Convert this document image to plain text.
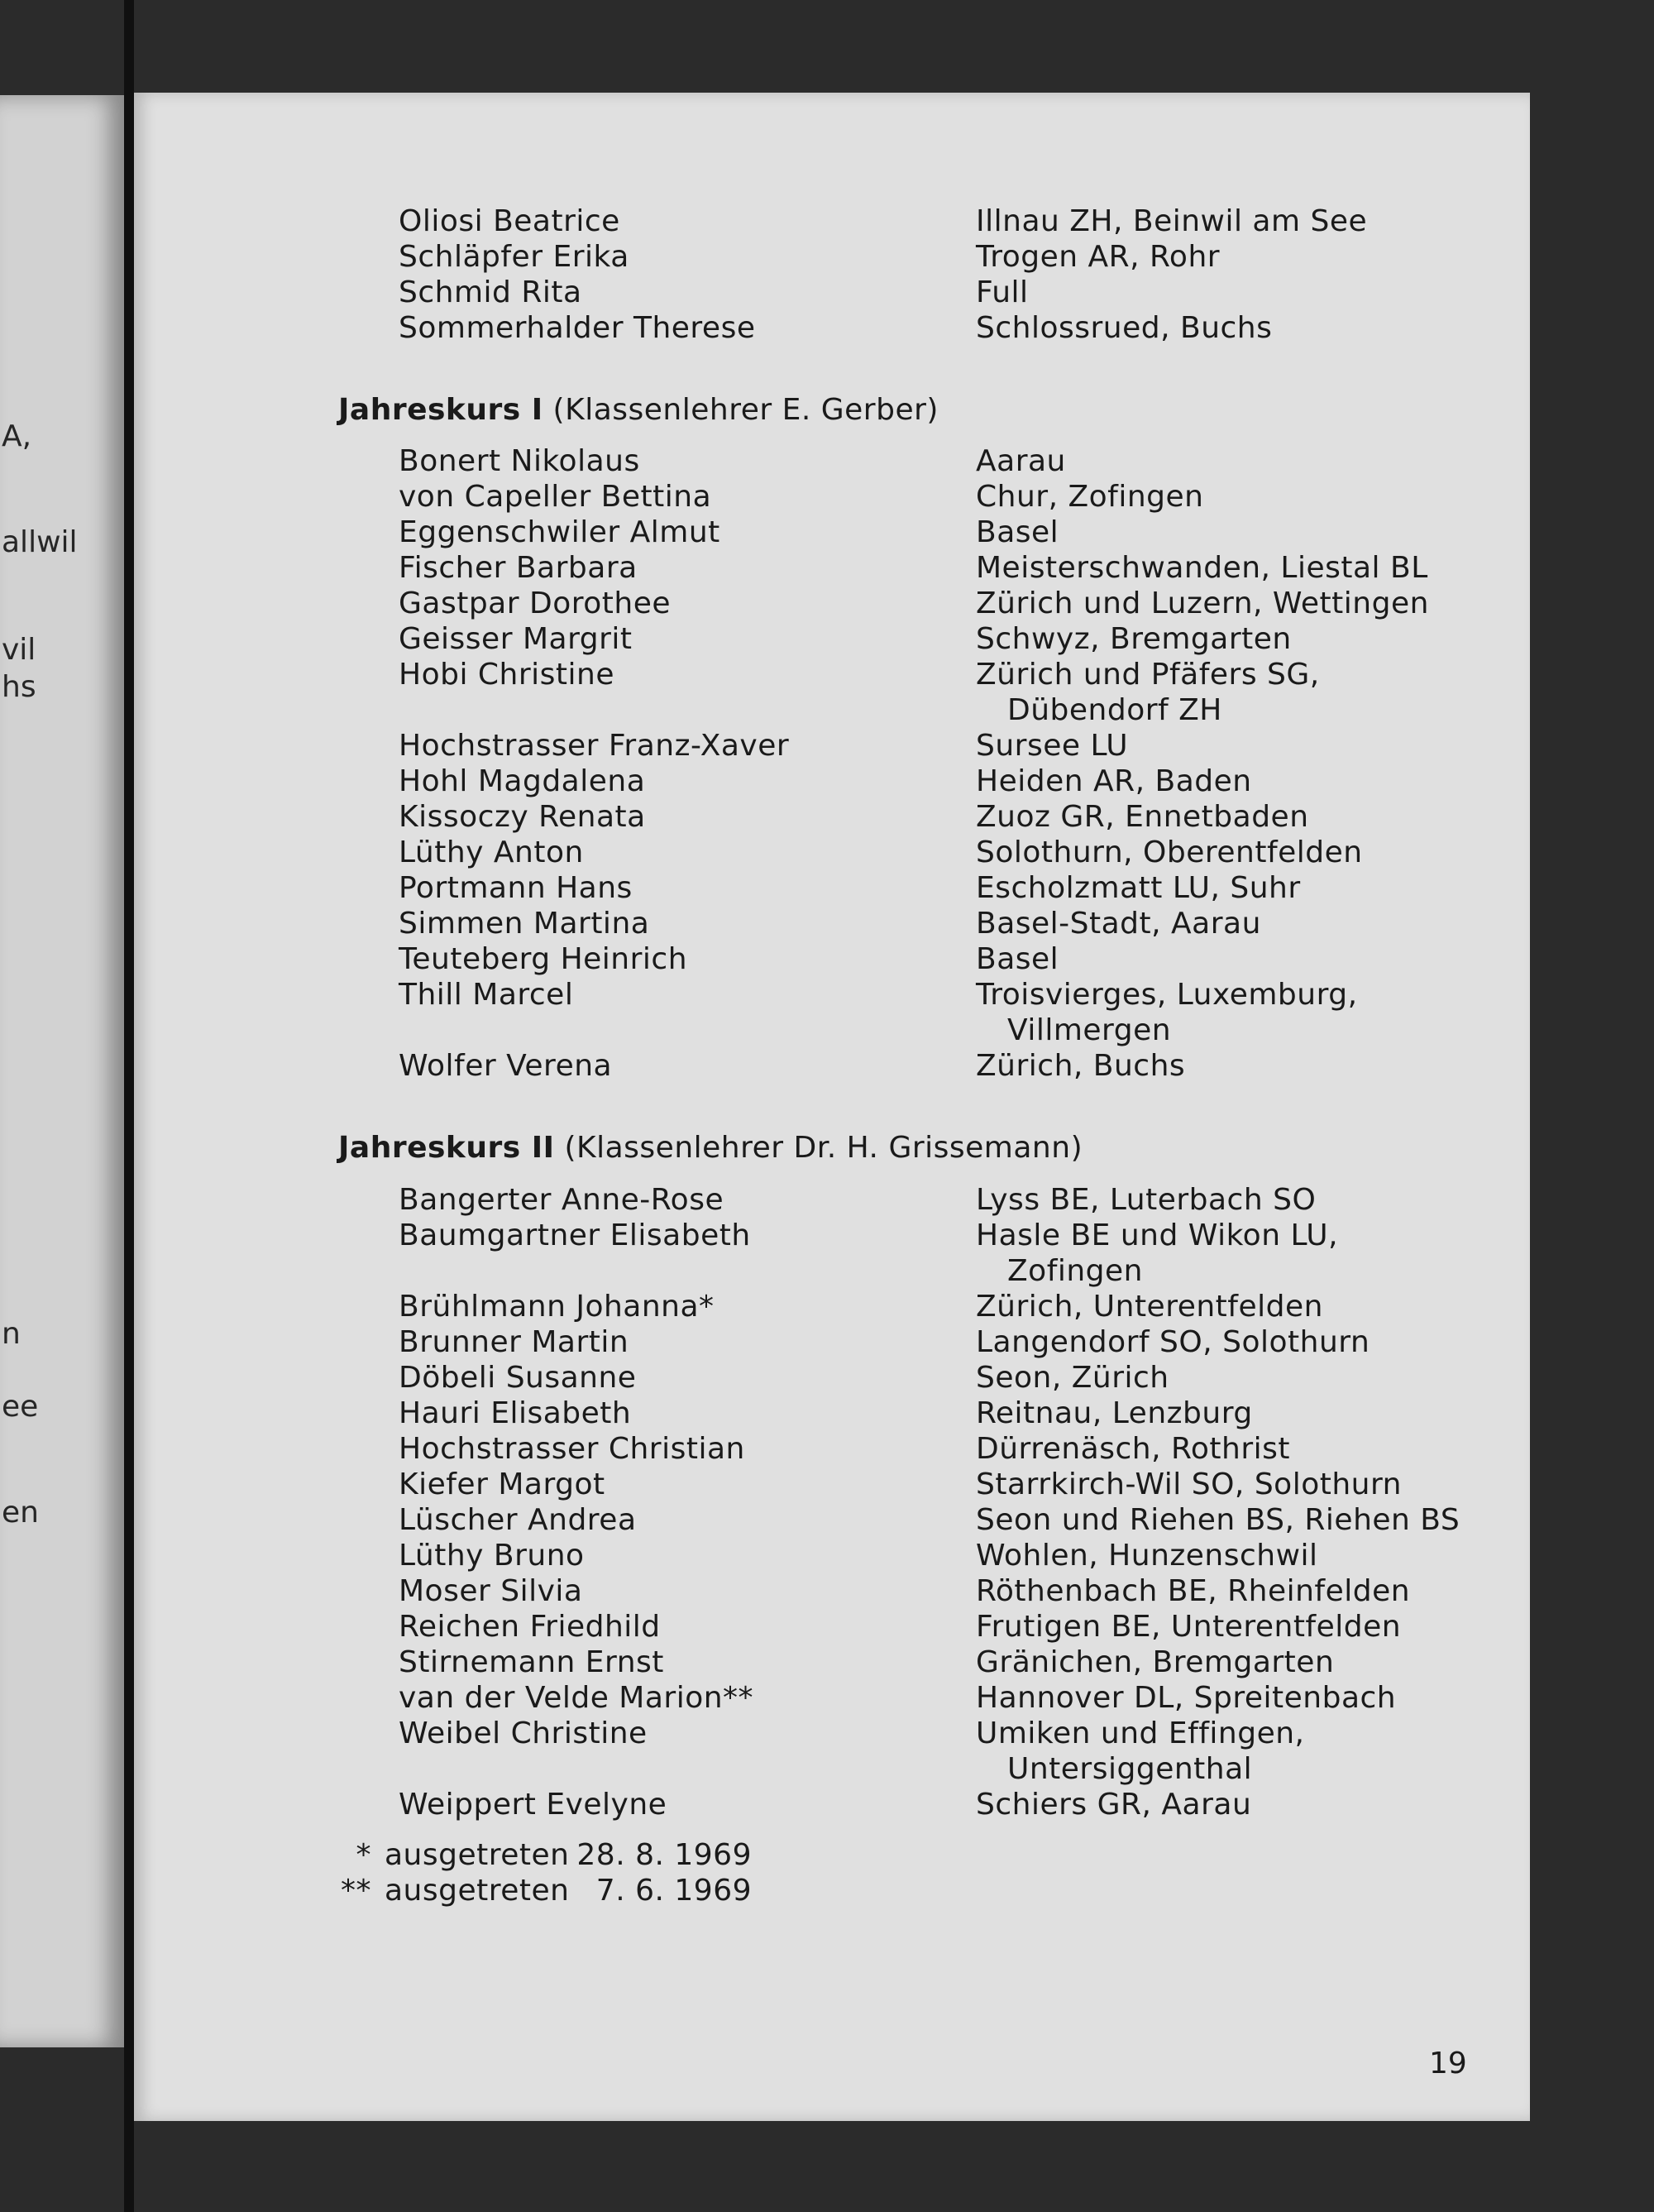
A,
allwil
vil
hs
n
ee
en
Oliosi Beatrice	Illnau ZH, Beinwil am See
Schläpfer Erika	Trogen AR, Rohr
Schmid Rita	Full
Sommerhalder Therese	Schlossrued, Buchs
Jahreskurs I (Klassenlehrer E. Gerber)
Bonert Nikolaus	Aarau
von Capeller Bettina	Chur, Zofingen
Eggenschwiler Almut	Basel
Fischer Barbara	Meisterschwanden, Liestal BL
Gastpar Dorothee	Zürich und Luzern, Wettingen
Geisser Margrit	Schwyz, Bremgarten
Hobi Christine	Zürich und Pfäfers SG,
Dübendorf ZH
Hochstrasser Franz-Xaver	Sursee LU
Hohl Magdalena	Heiden AR, Baden
Kissoczy Renata	Zuoz GR, Ennetbaden
Lüthy Anton	Solothurn, Oberentfelden
Portmann Hans	Escholzmatt LU, Suhr
Simmen Martina	Basel-Stadt, Aarau
Teuteberg Heinrich	Basel
Thill Marcel	Troisvierges, Luxemburg,
Villmergen
Wolfer Verena	Zürich, Buchs
Jahreskurs II (Klassenlehrer Dr. H. Grissemann)
Bangerter Anne-Rose	Lyss BE, Luterbach SO
Baumgartner Elisabeth	Hasle BE und Wikon LU,
Zofingen
Brühlmann Johanna*	Zürich, Unterentfelden
Brunner Martin	Langendorf SO, Solothurn
Döbeli Susanne	Seon, Zürich
Hauri Elisabeth	Reitnau, Lenzburg
Hochstrasser Christian	Dürrenäsch, Rothrist
Kiefer Margot	Starrkirch-Wil SO, Solothurn
Lüscher Andrea	Seon und Riehen BS, Riehen BS
Lüthy Bruno	Wohlen, Hunzenschwil
Moser Silvia	Röthenbach BE, Rheinfelden
Reichen Friedhild	Frutigen BE, Unterentfelden
Stirnemann Ernst	Gränichen, Bremgarten
van der Velde Marion**	Hannover DL, Spreitenbach
Weibel Christine	Umiken und Effingen,
Untersiggenthal
Weippert Evelyne	Schiers GR, Aarau
* ausgetreten 28. 8. 1969
** ausgetreten 7. 6. 1969
19
